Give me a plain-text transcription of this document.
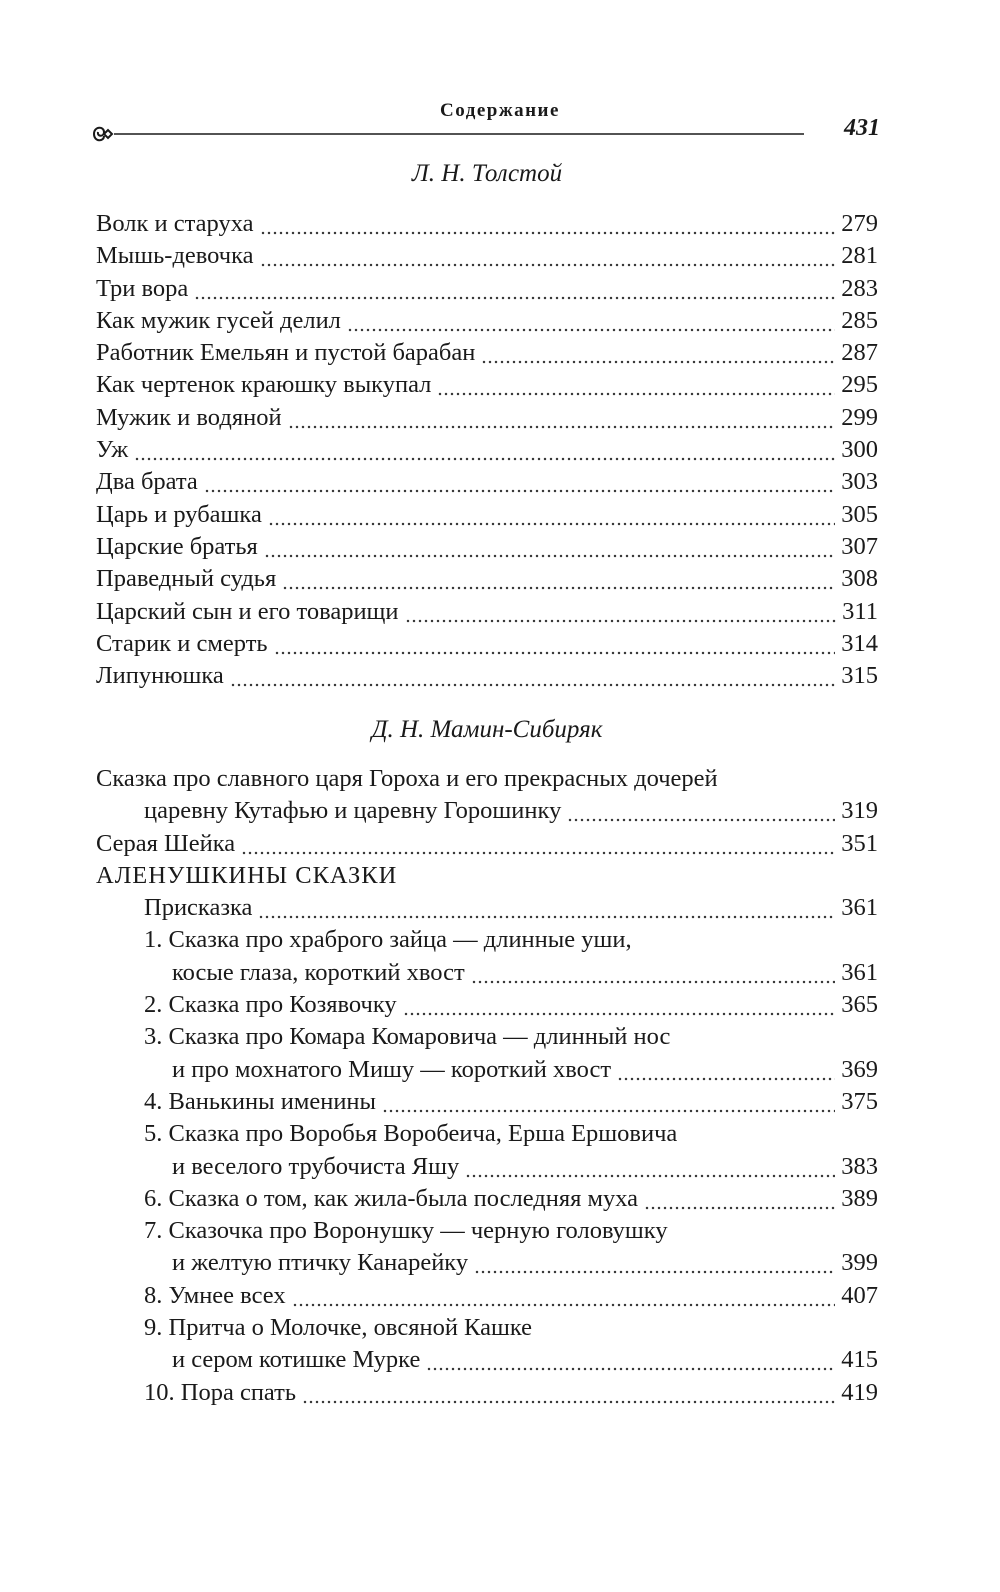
Содержание
431
Л. Н. Толстой
Волк и старуха	279
Мышь-девочка	281
Три вора	283
Как мужик гусей делил	285
Работник Емельян и пустой барабан	287
Как чертенок краюшку выкупал	295
Мужик и водяной	299
Уж	300
Два брата	303
Царь и рубашка	305
Царские братья	307
Праведный судья	308
Царский сын и его товарищи	311
Старик и смерть	314
Липунюшка	315
Д. Н. Мамин-Сибиряк
Сказка про славного царя Гороха и его прекрасных дочерей
царевну Кутафью и царевну Горошинку	319
Серая Шейка	351
АЛЕНУШКИНЫ СКАЗКИ
Присказка	361
1. Сказка про храброго зайца — длинные уши,
косые глаза, короткий хвост	361
2. Сказка про Козявочку	365
3. Сказка про Комара Комаровича — длинный нос
и про мохнатого Мишу — короткий хвост	369
4. Ванькины именины	375
5. Сказка про Воробья Воробеича, Ерша Ершовича
и веселого трубочиста Яшу	383
6. Сказка о том, как жила-была последняя муха	389
7. Сказочка про Воронушку — черную головушку
и желтую птичку Канарейку	399
8. Умнее всех	407
9. Притча о Молочке, овсяной Кашке
и сером котишке Мурке	415
10. Пора спать	419
